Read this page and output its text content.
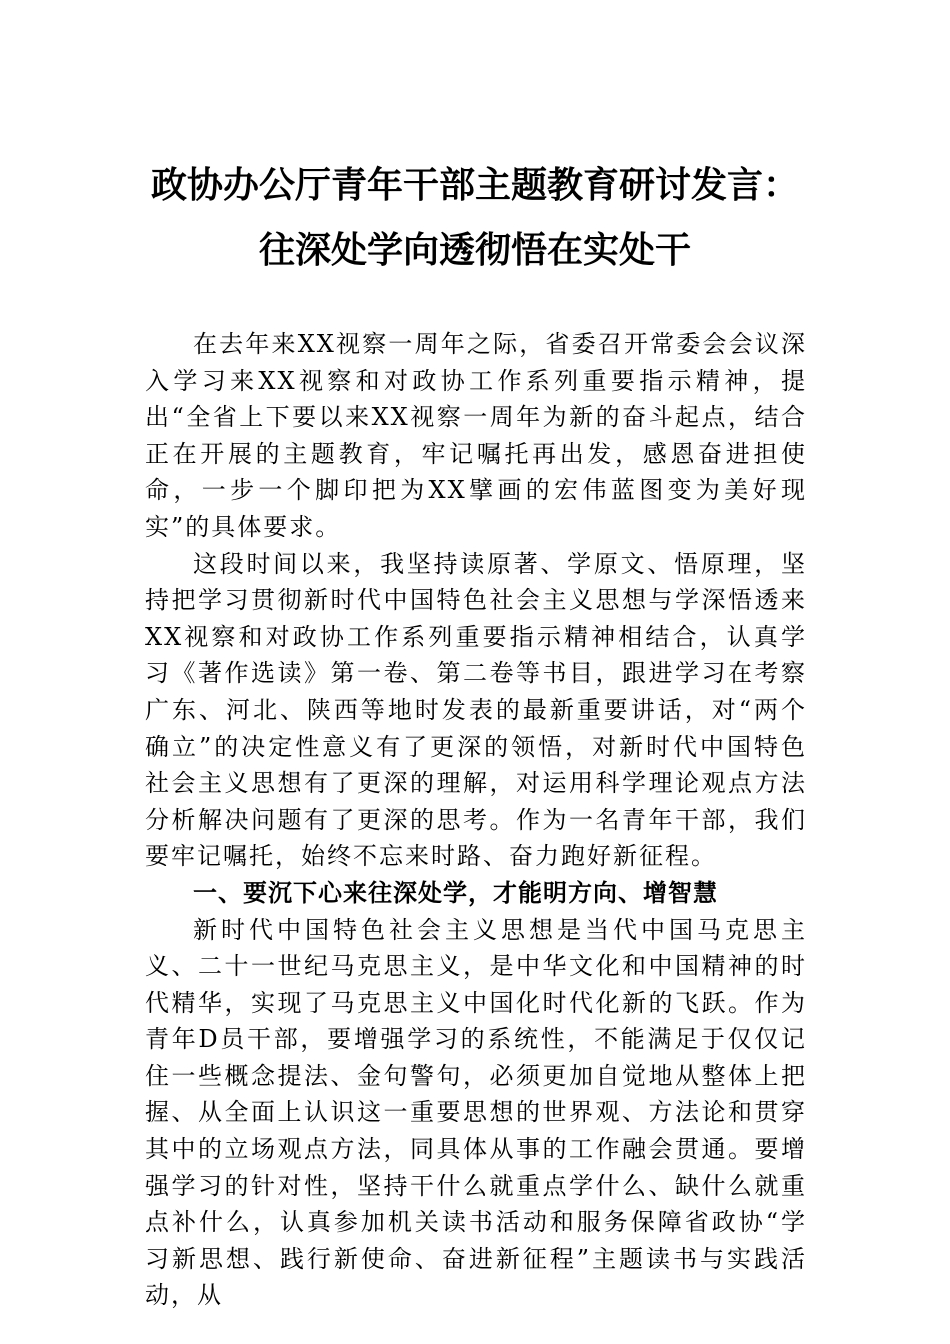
政协办公厅青年干部主题教育研讨发言：
往深处学向透彻悟在实处干

在去年来XX视察一周年之际，省委召开常委会会议深入学习来XX视察和对政协工作系列重要指示精神，提出“全省上下要以来XX视察一周年为新的奋斗起点，结合正在开展的主题教育，牢记嘱托再出发，感恩奋进担使命，一步一个脚印把为XX擘画的宏伟蓝图变为美好现实”的具体要求。

这段时间以来，我坚持读原著、学原文、悟原理，坚持把学习贯彻新时代中国特色社会主义思想与学深悟透来XX视察和对政协工作系列重要指示精神相结合，认真学习《著作选读》第一卷、第二卷等书目，跟进学习在考察广东、河北、陕西等地时发表的最新重要讲话，对“两个确立”的决定性意义有了更深的领悟，对新时代中国特色社会主义思想有了更深的理解，对运用科学理论观点方法分析解决问题有了更深的思考。作为一名青年干部，我们要牢记嘱托，始终不忘来时路、奋力跑好新征程。

一、要沉下心来往深处学，才能明方向、增智慧

新时代中国特色社会主义思想是当代中国马克思主义、二十一世纪马克思主义，是中华文化和中国精神的时代精华，实现了马克思主义中国化时代化新的飞跃。作为青年D员干部，要增强学习的系统性，不能满足于仅仅记住一些概念提法、金句警句，必须更加自觉地从整体上把握、从全面上认识这一重要思想的世界观、方法论和贯穿其中的立场观点方法，同具体从事的工作融会贯通。要增强学习的针对性，坚持干什么就重点学什么、缺什么就重点补什么，认真参加机关读书活动和服务保障省政协“学习新思想、践行新使命、奋进新征程”主题读书与实践活动，从
